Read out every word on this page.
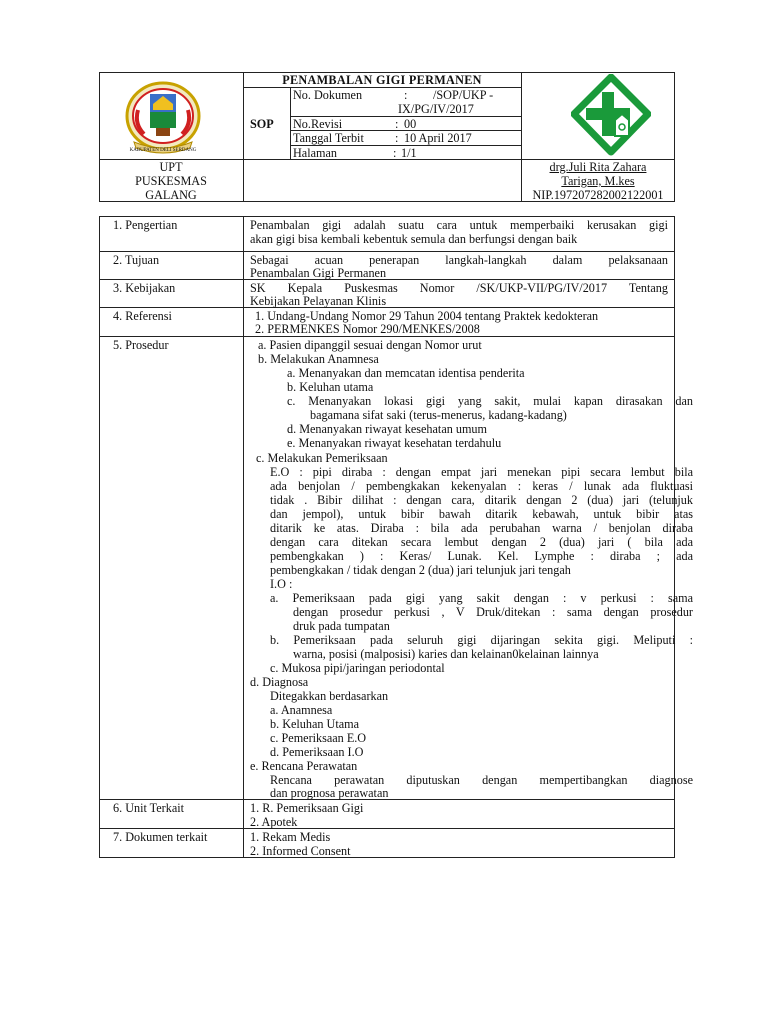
KABUPATEN DELI SERDANG
PENAMBALAN GIGI PERMANEN
SOP
No. Dokumen	: /SOP/UKP -
IX/PG/IV/2017
No.Revisi	: 00
Tanggal Terbit	: 10 April 2017
Halaman	: 1/1
UPT
PUSKESMAS
GALANG
drg.Juli Rita Zahara
Tarigan, M.kes
NIP.197207282002122001
1. Pengertian	Penambalan gigi adalah suatu cara untuk memperbaiki kerusakan gigi
akan gigi bisa kembali kebentuk semula dan berfungsi dengan baik
2. Tujuan	Sebagai acuan penerapan langkah-langkah dalam pelaksanaan
Penambalan Gigi Permanen
3. Kebijakan	SK Kepala Puskesmas Nomor /SK/UKP-VII/PG/IV/2017 Tentang
Kebijakan Pelayanan Klinis
4. Referensi	1. Undang-Undang Nomor 29 Tahun 2004 tentang Praktek kedokteran
2. PERMENKES Nomor 290/MENKES/2008
5. Prosedur	a. Pasien dipanggil sesuai dengan Nomor urut
b. Melakukan Anamnesa
a. Menanyakan dan memcatan identisa penderita
b. Keluhan utama
c. Menanyakan lokasi gigi yang sakit, mulai kapan dirasakan dan
bagamana sifat saki (terus-menerus, kadang-kadang)
d. Menanyakan riwayat kesehatan umum
e. Menanyakan riwayat kesehatan terdahulu
c. Melakukan Pemeriksaan
E.O : pipi diraba : dengan empat jari menekan pipi secara lembut bila
ada benjolan / pembengkakan kekenyalan : keras / lunak ada fluktuasi
tidak . Bibir dilihat : dengan cara, ditarik dengan 2 (dua) jari (telunjuk
dan jempol), untuk bibir bawah ditarik kebawah, untuk bibir atas
ditarik ke atas. Diraba : bila ada perubahan warna / benjolan diraba
dengan cara ditekan secara lembut dengan 2 (dua) jari ( bila ada
pembengkakan ) : Keras/ Lunak. Kel. Lymphe : diraba ; ada
pembengkakan / tidak dengan 2 (dua) jari telunjuk jari tengah
I.O :
a. Pemeriksaan pada gigi yang sakit dengan : v perkusi : sama
dengan prosedur perkusi , V Druk/ditekan : sama dengan prosedur
druk pada tumpatan
b. Pemeriksaan pada seluruh gigi dijaringan sekita gigi. Meliputi :
warna, posisi (malposisi) karies dan kelainan0kelainan lainnya
c. Mukosa pipi/jaringan periodontal
d. Diagnosa
Ditegakkan berdasarkan
a. Anamnesa
b. Keluhan Utama
c. Pemeriksaan E.O
d. Pemeriksaan I.O
e. Rencana Perawatan
Rencana perawatan diputuskan dengan mempertibangkan diagnose
dan prognosa perawatan
6. Unit Terkait	1. R. Pemeriksaan Gigi
2. Apotek
7. Dokumen terkait	1. Rekam Medis
2. Informed Consent
